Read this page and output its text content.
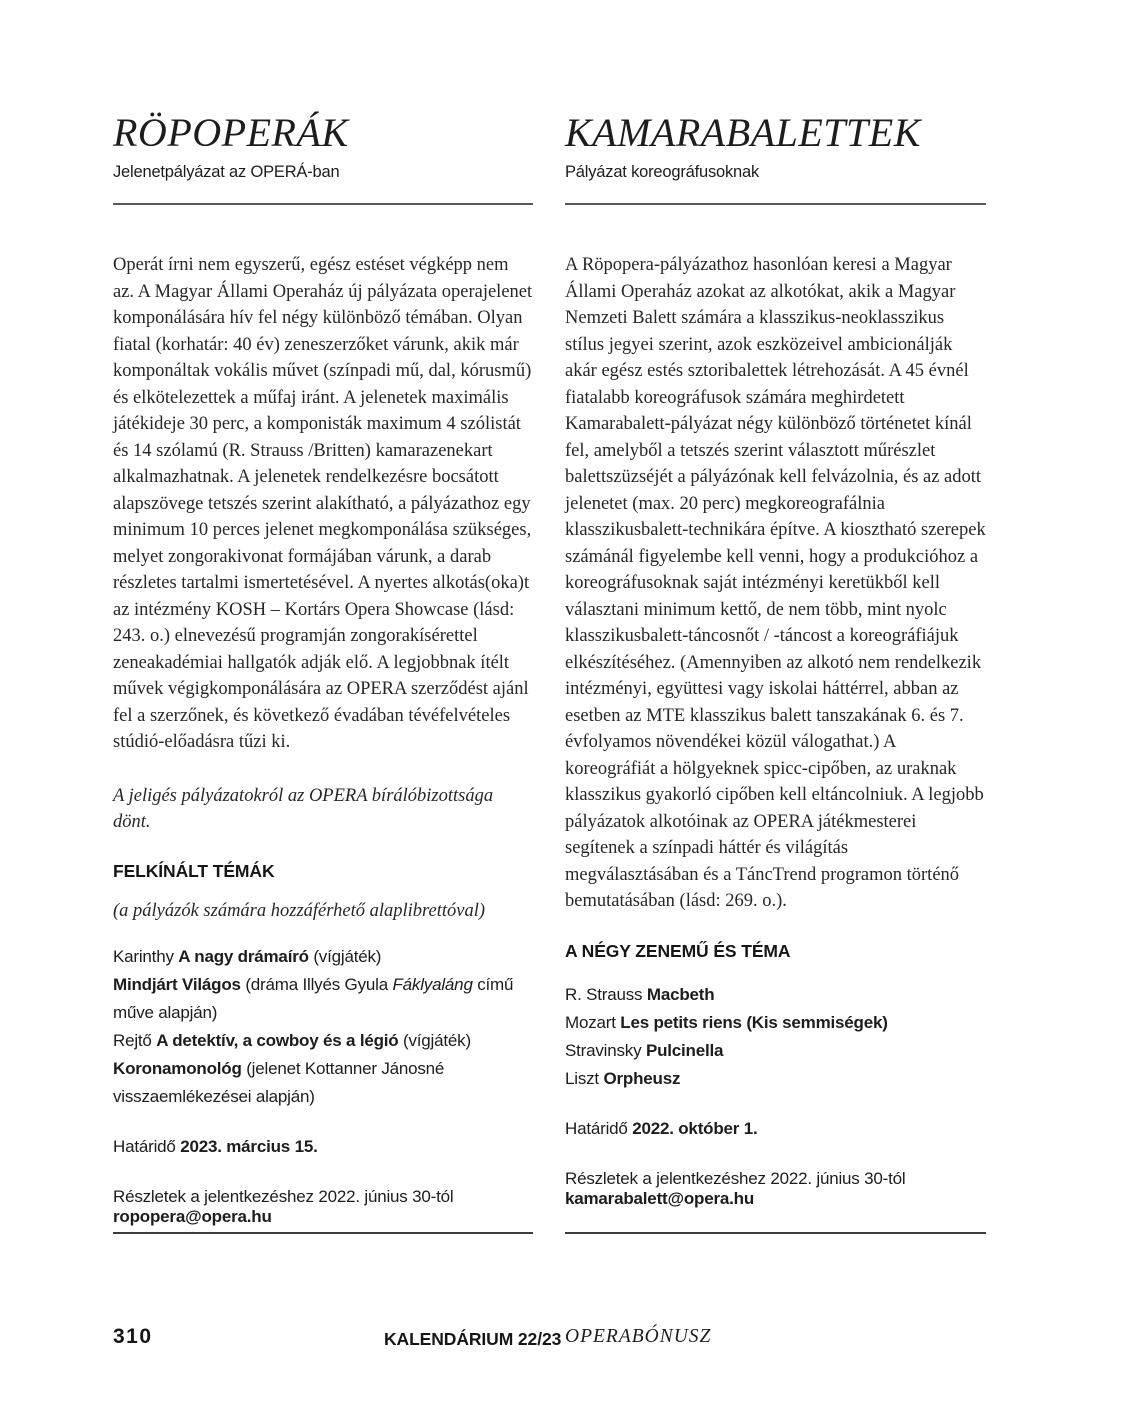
RÖPOPERÁK
Jelenetpályázat az OPERÁ-ban

Operát írni nem egyszerű, egész estéset végképp nem az. A Magyar Állami Operaház új pályázata operajelenet komponálására hív fel négy különböző témában. Olyan fiatal (korhatár: 40 év) zeneszerzőket várunk, akik már komponáltak vokális művet (színpadi mű, dal, kórusmű) és elkötelezettek a műfaj iránt. A jelenetek maximális játékideje 30 perc, a komponisták maximum 4 szólistát és 14 szólamú (R. Strauss /Britten) kamarazenekart alkalmazhatnak. A jelenetek rendelkezésre bocsátott alapszövege tetszés szerint alakítható, a pályázathoz egy minimum 10 perces jelenet megkomponálása szükséges, melyet zongorakivonat formájában várunk, a darab részletes tartalmi ismertetésével. A nyertes alkotás(oka)t az intézmény KOSH – Kortárs Opera Showcase (lásd: 243. o.) elnevezésű programján zongorakísérettel zeneakadémiai hallgatók adják elő. A legjobbnak ítélt művek végigkomponálására az OPERA szerződést ajánl fel a szerzőnek, és következő évadában tévéfelvételes stúdió-előadásra tűzi ki.

A jeligés pályázatokról az OPERA bírálóbizottsága dönt.

FELKÍNÁLT TÉMÁK

(a pályázók számára hozzáférhető alaplibrettóval)

Karinthy A nagy drámaíró (vígjáték)
Mindjárt Világos (dráma Illyés Gyula Fáklyaláng című műve alapján)
Rejtő A detektív, a cowboy és a légió (vígjáték)
Koronamonológ (jelenet Kottanner Jánosné visszaemlékezései alapján)
Határidő 2023. március 15.
Részletek a jelentkezéshez 2022. június 30-tól ropopera@opera.hu
KAMARABALETTEK
Pályázat koreográfusoknak

A Röpopera-pályázathoz hasonlóan keresi a Magyar Állami Operaház azokat az alkotókat, akik a Magyar Nemzeti Balett számára a klasszikus-neoklasszikus stílus jegyei szerint, azok eszközeivel ambicionálják akár egész estés sztoribalettek létrehozását. A 45 évnél fiatalabb koreográfusok számára meghirdetett Kamarabalett-pályázat négy különböző történetet kínál fel, amelyből a tetszés szerint választott műrészlet balettszüzséjét a pályázónak kell felvázolnia, és az adott jelenetet (max. 20 perc) megkoreografálnia klasszikusbalett-technikára építve. A kiosztható szerepek számánál figyelembe kell venni, hogy a produkcióhoz a koreográfusoknak saját intézményi keretükből kell választani minimum kettő, de nem több, mint nyolc klasszikusbalett-táncosnőt / -táncost a koreográfiájuk elkészítéséhez. (Amennyiben az alkotó nem rendelkezik intézményi, együttesi vagy iskolai háttérrel, abban az esetben az MTE klasszikus balett tanszakának 6. és 7. évfolyamos növendékei közül válogathat.) A koreográfiát a hölgyeknek spicc-cipőben, az uraknak klasszikus gyakorló cipőben kell eltáncolniuk. A legjobb pályázatok alkotóinak az OPERA játékmesterei segítenek a színpadi háttér és világítás megválasztásában és a TáncTrend programon történő bemutatásában (lásd: 269. o.).

A NÉGY ZENEMŰ ÉS TÉMA
R. Strauss Macbeth
Mozart Les petits riens (Kis semmiségek)
Stravinsky Pulcinella
Liszt Orpheusz
Határidő 2022. október 1.
Részletek a jelentkezéshez 2022. június 30-tól kamarabalett@opera.hu
310	KALENDÁRIUM 22/23 OPERABÓNUSZ
